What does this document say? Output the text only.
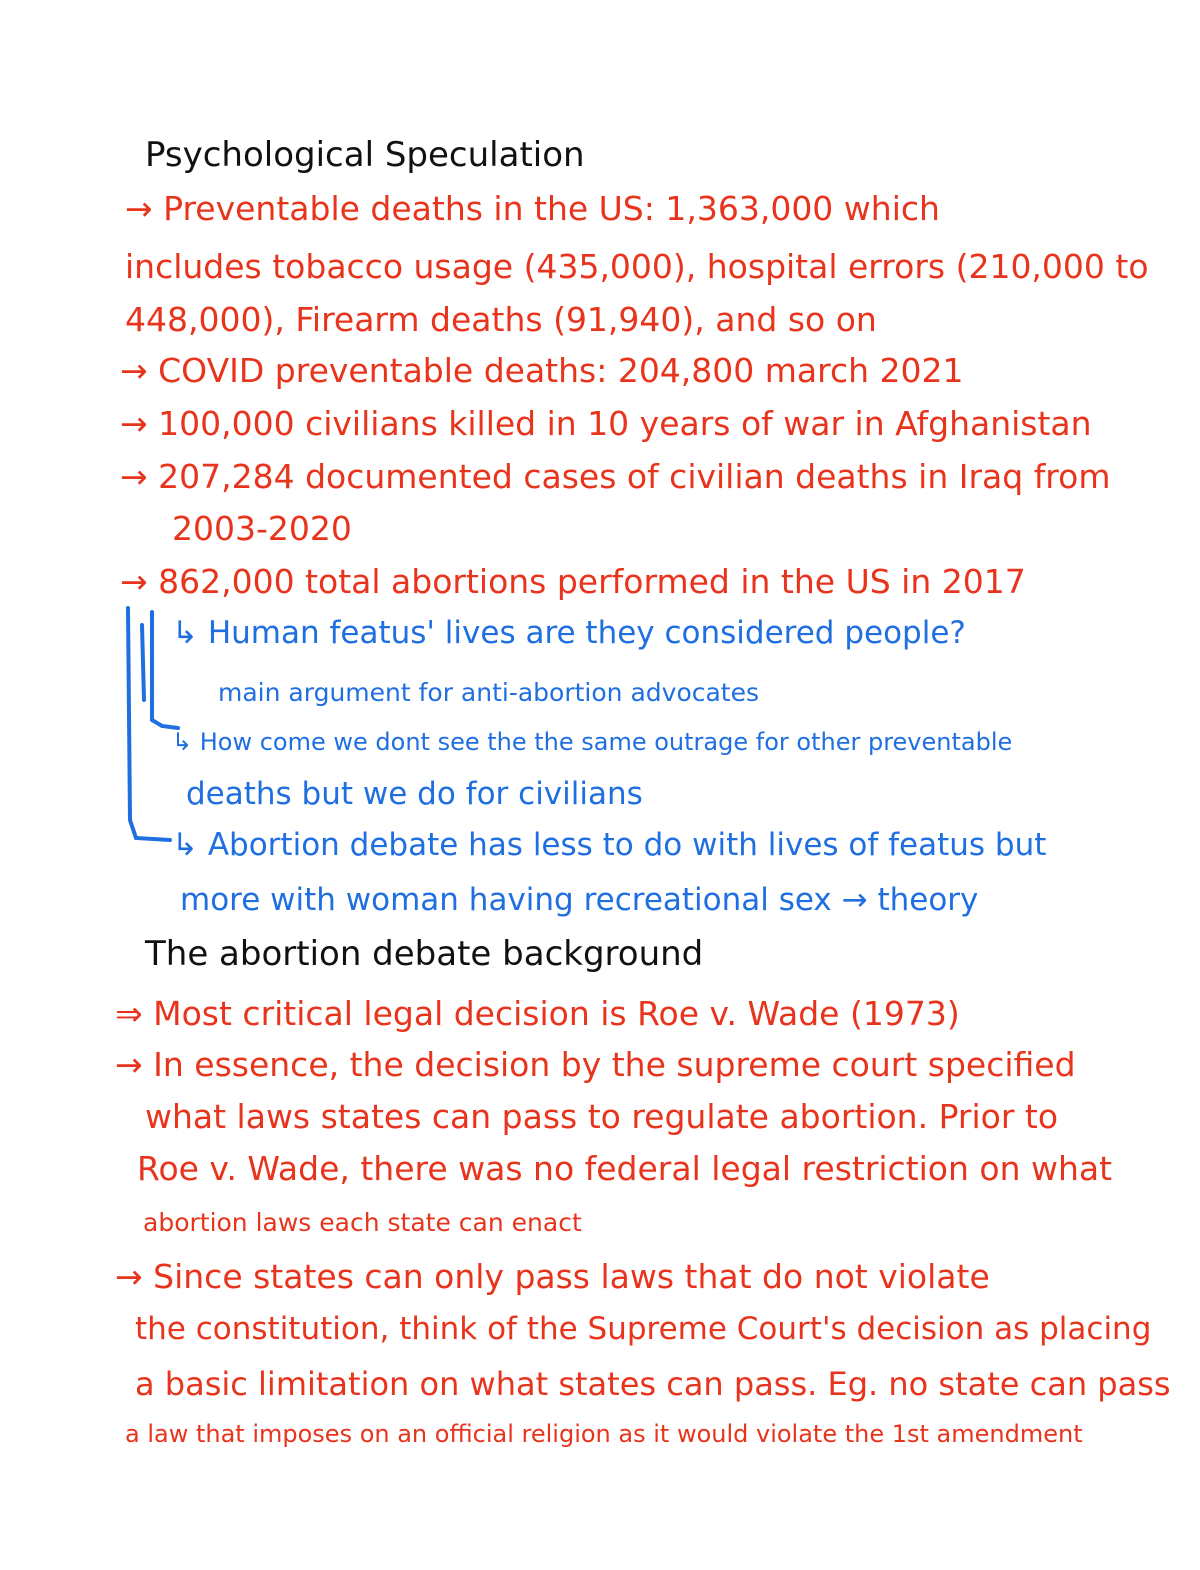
Psychological Speculation
→ Preventable deaths in the US: 1,363,000 which
includes tobacco usage (435,000), hospital errors (210,000 to
448,000), Firearm deaths (91,940), and so on
→ COVID preventable deaths: 204,800 march 2021
→ 100,000 civilians killed in 10 years of war in Afghanistan
→ 207,284 documented cases of civilian deaths in Iraq from
2003-2020
→ 862,000 total abortions performed in the US in 2017
↳ Human featus' lives are they considered people?
main argument for anti-abortion advocates
↳ How come we dont see the the same outrage for other preventable
deaths but we do for civilians
↳ Abortion debate has less to do with lives of featus but
more with woman having recreational sex → theory
The abortion debate background
⇒ Most critical legal decision is Roe v. Wade (1973)
→ In essence, the decision by the supreme court specified
what laws states can pass to regulate abortion. Prior to
Roe v. Wade, there was no federal legal restriction on what
abortion laws each state can enact
→ Since states can only pass laws that do not violate
the constitution, think of the Supreme Court's decision as placing
a basic limitation on what states can pass. Eg. no state can pass
a law that imposes on an official religion as it would violate the 1st amendment
